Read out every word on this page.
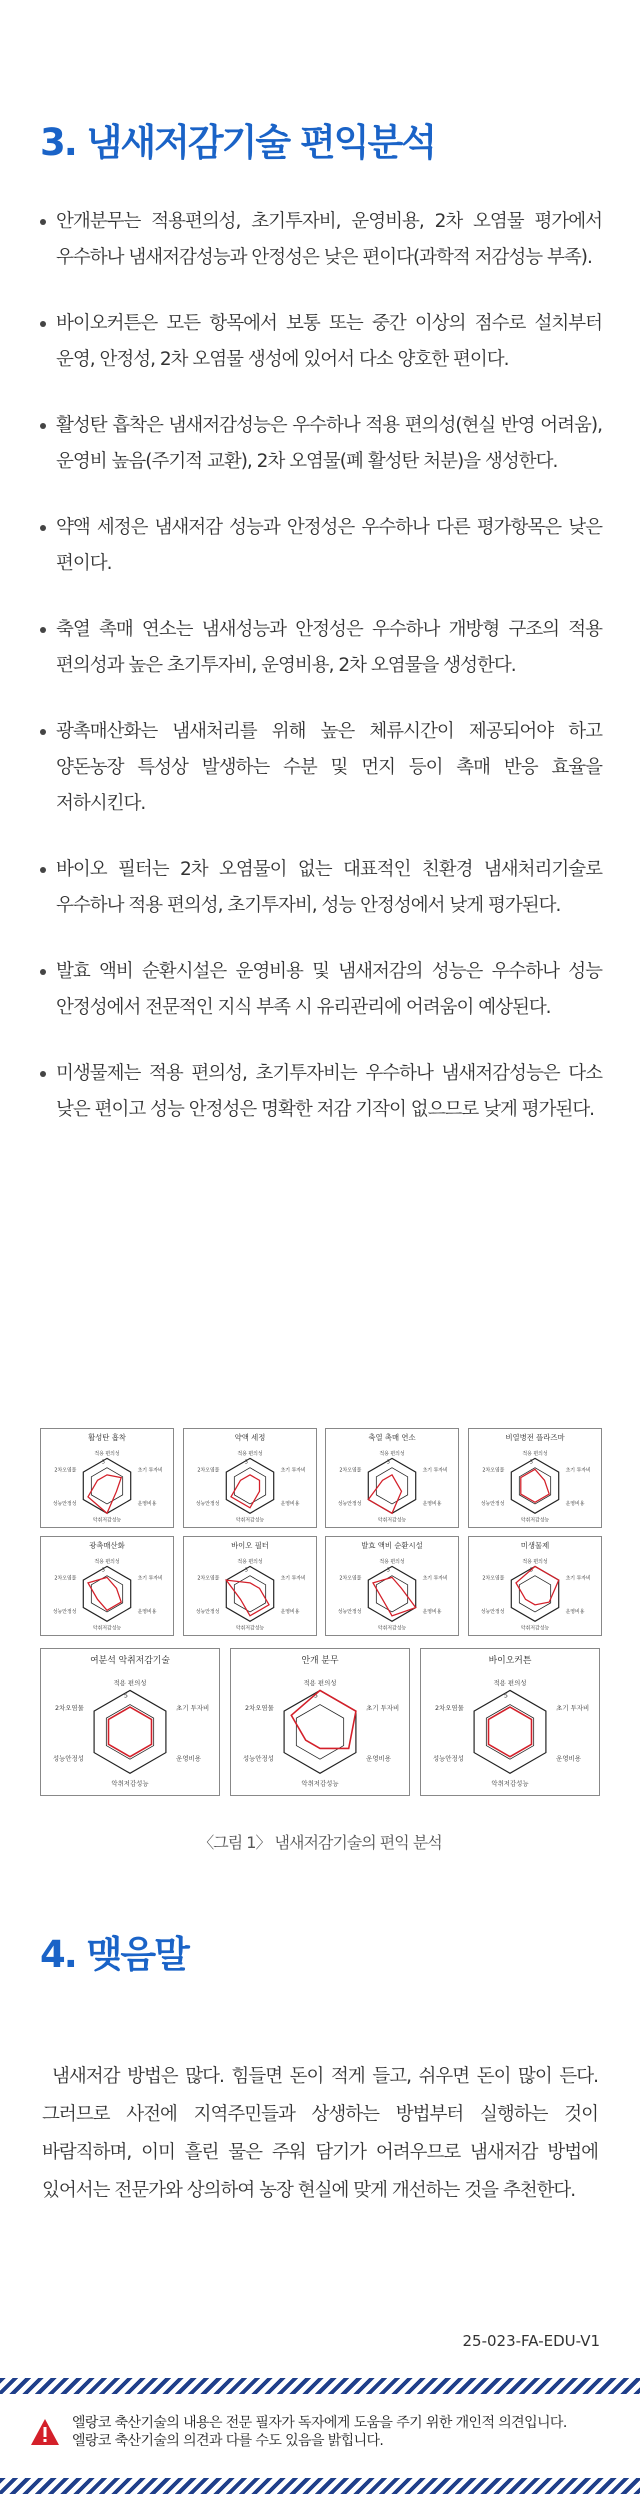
3. 냄새저감기술 편익분석
안개분무는 적용편의성, 초기투자비, 운영비용, 2차 오염물 평가에서 우수하나 냄새저감성능과 안정성은 낮은 편이다(과학적 저감성능 부족).
바이오커튼은 모든 항목에서 보통 또는 중간 이상의 점수로 설치부터 운영, 안정성, 2차 오염물 생성에 있어서 다소 양호한 편이다.
활성탄 흡착은 냄새저감성능은 우수하나 적용 편의성(현실 반영 어려움), 운영비 높음(주기적 교환), 2차 오염물(폐 활성탄 처분)을 생성한다.
약액 세정은 냄새저감 성능과 안정성은 우수하나 다른 평가항목은 낮은 편이다.
축열 촉매 연소는 냄새성능과 안정성은 우수하나 개방형 구조의 적용 편의성과 높은 초기투자비, 운영비용, 2차 오염물을 생성한다.
광촉매산화는 냄새처리를 위해 높은 체류시간이 제공되어야 하고 양돈농장 특성상 발생하는 수분 및 먼지 등이 촉매 반응 효율을 저하시킨다.
바이오 필터는 2차 오염물이 없는 대표적인 친환경 냄새처리기술로 우수하나 적용 편의성, 초기투자비, 성능 안정성에서 낮게 평가된다.
발효 액비 순환시설은 운영비용 및 냄새저감의 성능은 우수하나 성능 안정성에서 전문적인 지식 부족 시 유리관리에 어려움이 예상된다.
미생물제는 적용 편의성, 초기투자비는 우수하나 냄새저감성능은 다소 낮은 편이고 성능 안정성은 명확한 저감 기작이 없으므로 낮게 평가된다.
활성탄 흡착
적용 편의성
초기 투자비
운영비용
악취저감성능
성능안정성
2차오염물
5
약액 세정
적용 편의성
초기 투자비
운영비용
악취저감성능
성능안정성
2차오염물
5
축열 촉매 연소
적용 편의성
초기 투자비
운영비용
악취저감성능
성능안정성
2차오염물
5
비열병전 플라즈마
적용 편의성
초기 투자비
운영비용
악취저감성능
성능안정성
2차오염물
5
광촉매산화
적용 편의성
초기 투자비
운영비용
악취저감성능
성능안정성
2차오염물
5
바이오 필터
적용 편의성
초기 투자비
운영비용
악취저감성능
성능안정성
2차오염물
5
발효 액비 순환시설
적용 편의성
초기 투자비
운영비용
악취저감성능
성능안정성
2차오염물
5
미생물제
적용 편의성
초기 투자비
운영비용
악취저감성능
성능안정성
2차오염물
5
여분석 악취저감기술
적용 편의성
초기 투자비
운영비용
악취저감성능
성능안정성
2차오염물
5
안개 분무
적용 편의성
초기 투자비
운영비용
악취저감성능
성능안정성
2차오염물
5
바이오커튼
적용 편의성
초기 투자비
운영비용
악취저감성능
성능안정성
2차오염물
5
〈그림 1〉 냄새저감기술의 편익 분석
4. 맺음말

냄새저감 방법은 많다. 힘들면 돈이 적게 들고, 쉬우면 돈이 많이 든다. 그러므로 사전에 지역주민들과 상생하는 방법부터 실행하는 것이 바람직하며, 이미 흘린 물은 주워 담기가 어려우므로 냄새저감 방법에 있어서는 전문가와 상의하여 농장 현실에 맞게 개선하는 것을 추천한다.

25-023-FA-EDU-V1
엘랑코 축산기술의 내용은 전문 필자가 독자에게 도움을 주기 위한 개인적 의견입니다.
엘랑코 축산기술의 의견과 다를 수도 있음을 밝힙니다.
